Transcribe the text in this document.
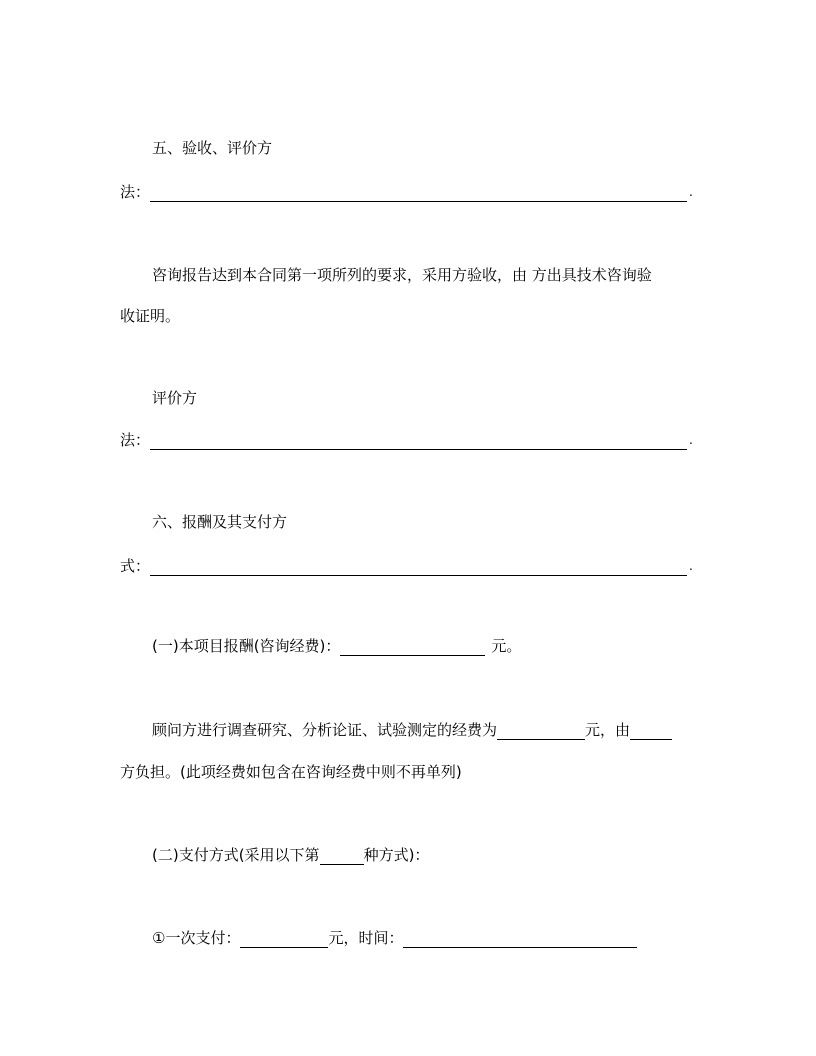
五、验收、评价方
法：	.
咨询报告达到本合同第一项所列的要求，采用方验收，由 方出具技术咨询验
收证明。
评价方
法：	.
六、报酬及其支付方
式：	.
(一)本项目报酬(咨询经费)：	元。
顾问方进行调查研究、分析论证、试验测定的经费为	元，由
方负担。(此项经费如包含在咨询经费中则不再单列)
(二)支付方式(采用以下第	种方式)：
①一次支付：	元，时间：
